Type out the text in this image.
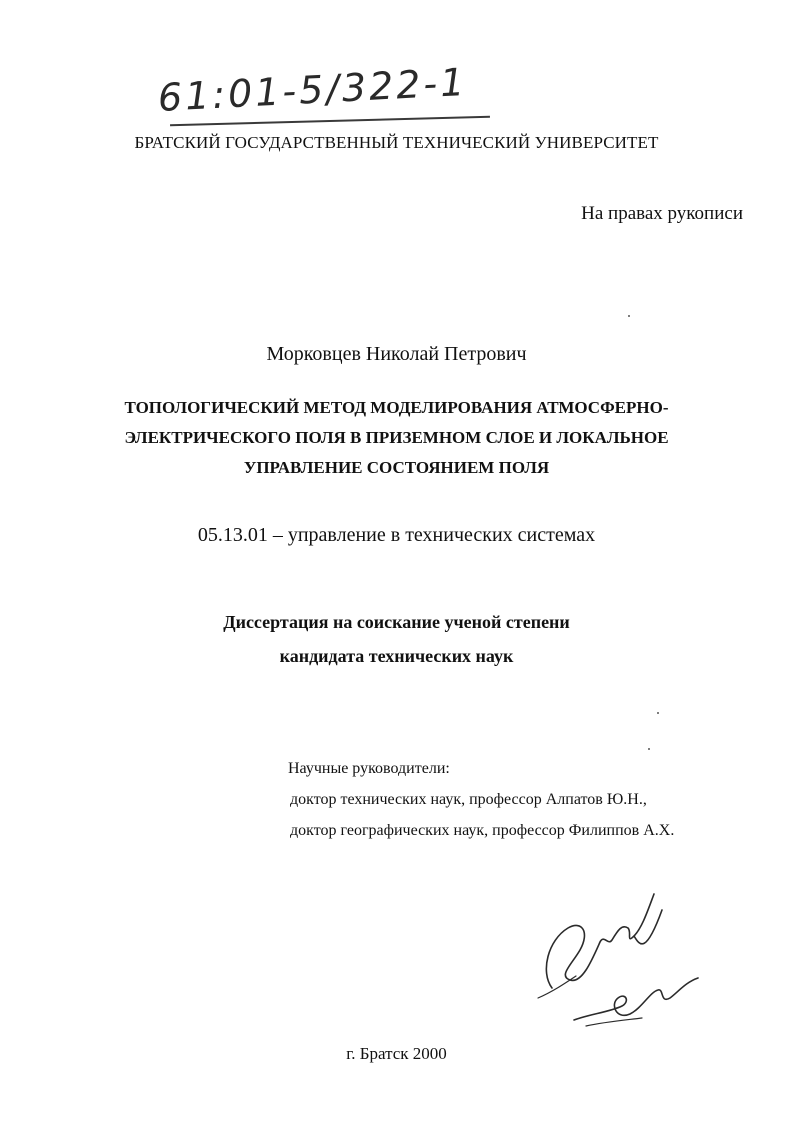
61:01-5/322-1
БРАТСКИЙ ГОСУДАРСТВЕННЫЙ ТЕХНИЧЕСКИЙ УНИВЕРСИТЕТ
На правах рукописи
Морковцев Николай Петрович
ТОПОЛОГИЧЕСКИЙ МЕТОД МОДЕЛИРОВАНИЯ АТМОСФЕРНО-
ЭЛЕКТРИЧЕСКОГО ПОЛЯ В ПРИЗЕМНОМ СЛОЕ И ЛОКАЛЬНОЕ
УПРАВЛЕНИЕ СОСТОЯНИЕМ ПОЛЯ
05.13.01 – управление в технических системах
Диссертация на соискание ученой степени
кандидата технических наук
Научные руководители:
доктор технических наук, профессор Алпатов Ю.Н.,
доктор географических наук, профессор Филиппов А.Х.
г. Братск 2000
